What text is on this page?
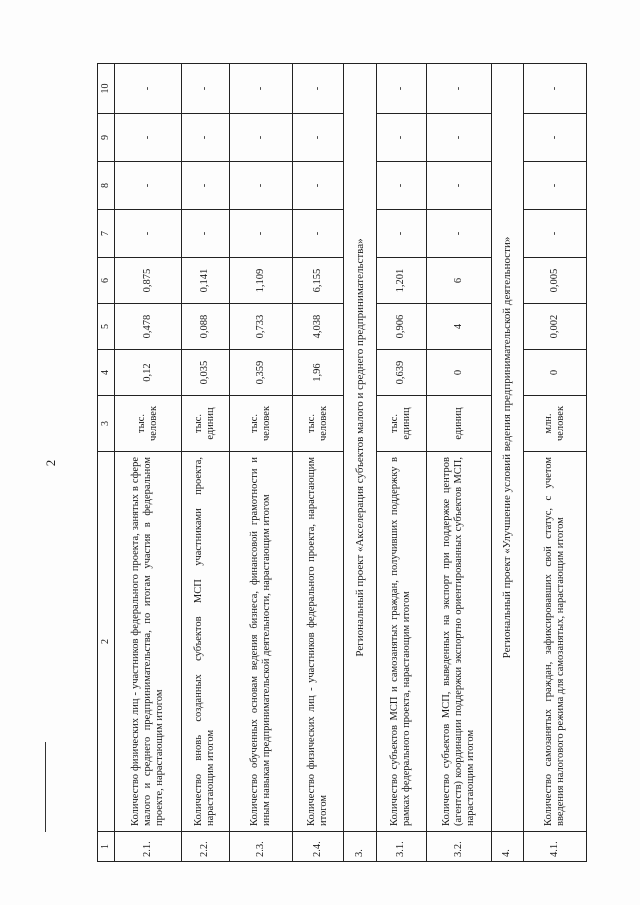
2
1	2	3	4	5	6	7	8	9	10
2.1.	Количество физических лиц - участников федерального проекта, занятых в сфере малого и среднего предпринимательства, по итогам участия в федеральном проекте, нарастающим итогом	тыс. человек	0,12	0,478	0,875	-	-	-	-
2.2.	Количество вновь созданных субъектов МСП участниками проекта, нарастающим итогом	тыс. единиц	0,035	0,088	0,141	-	-	-	-
2.3.	Количество обученных основам ведения бизнеса, финансовой грамотности и иным навыкам предпринимательской деятельности, нарастающим итогом	тыс. человек	0,359	0,733	1,109	-	-	-	-
2.4.	Количество физических лиц - участников федерального проекта, нарастающим итогом	тыс. человек	1,96	4,038	6,155	-	-	-	-
3.	Региональный проект «Акселерация субъектов малого и среднего предпринимательства»								
3.1.	Количество субъектов МСП и самозанятых граждан, получивших поддержку в рамках федерального проекта, нарастающим итогом	тыс. единиц	0,639	0,906	1,201	-	-	-	-
3.2.	Количество субъектов МСП, выведенных на экспорт при поддержке центров (агентств) координации поддержки экспортно ориентированных субъектов МСП, нарастающим итогом	единиц	0	4	6	-	-	-	-
4.	Региональный проект «Улучшение условий ведения предпринимательской деятельности»								
4.1.	Количество самозанятых граждан, зафиксировавших свой статус, с учетом введения налогового режима для самозанятых, нарастающим итогом	млн. человек	0	0,002	0,005	-	-	-	-
